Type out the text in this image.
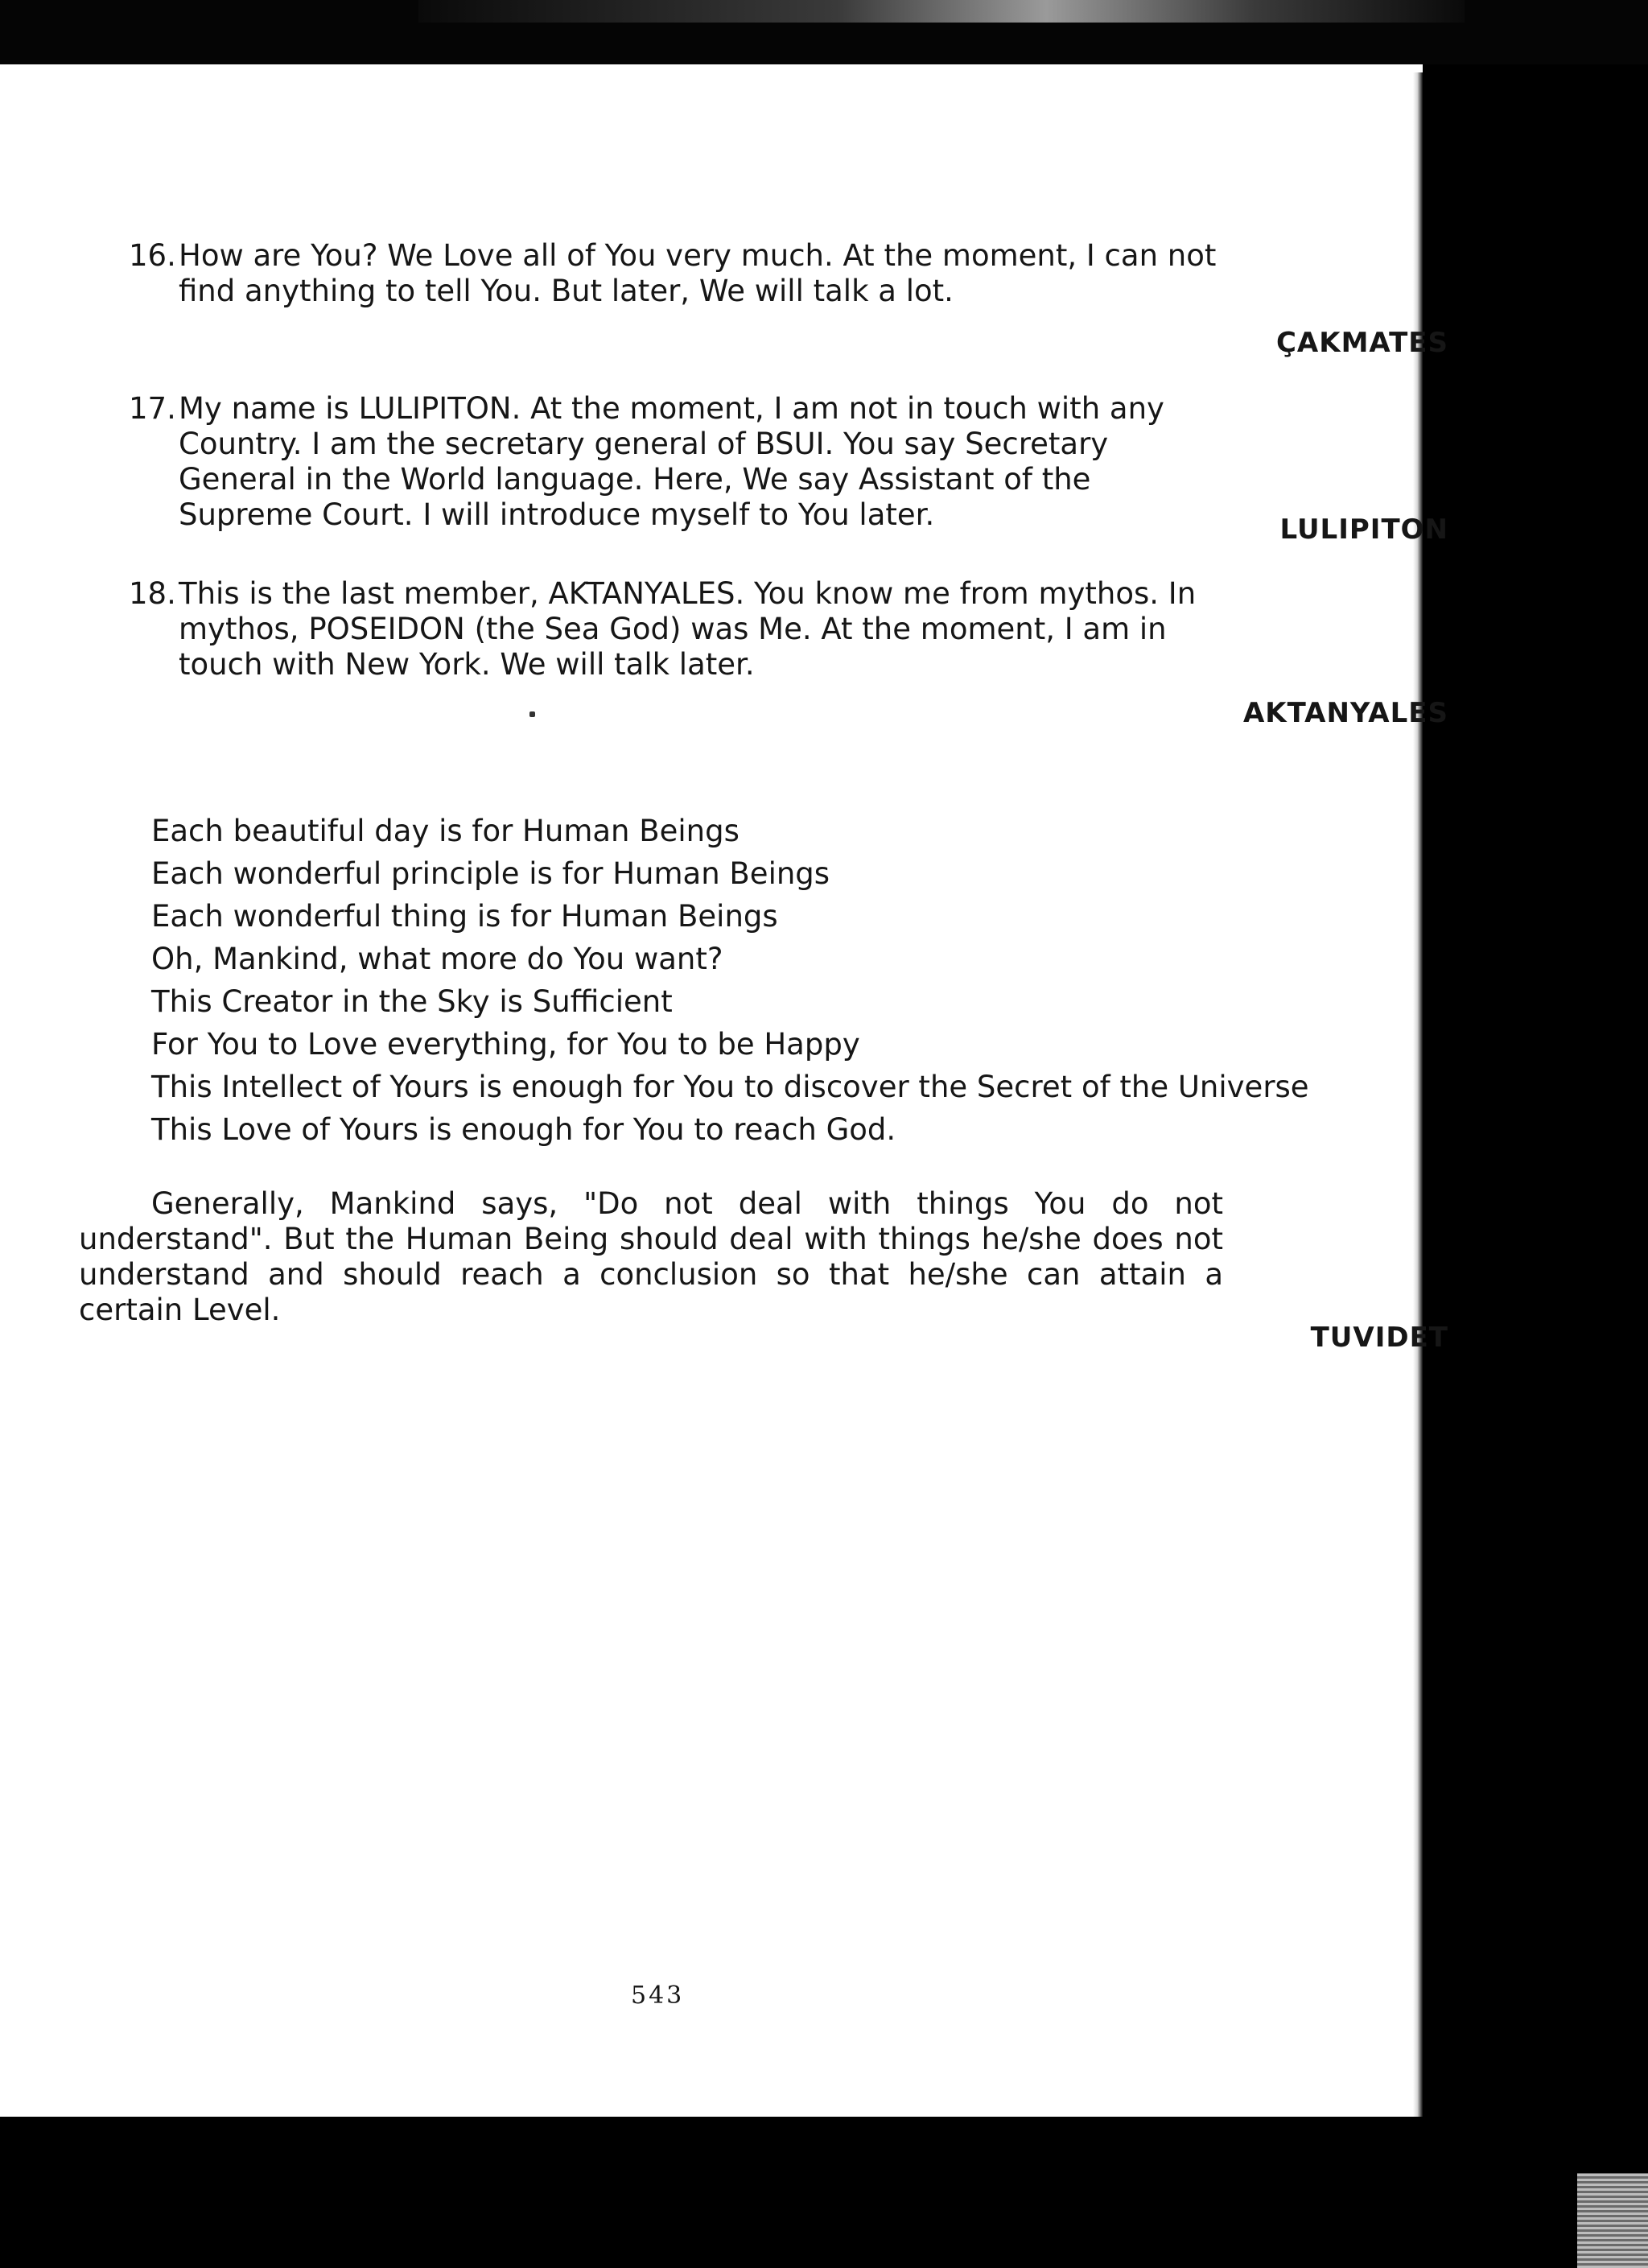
16. How are You? We Love all of You very much. At the moment, I can not find anything to tell You. But later, We will talk a lot.
ÇAKMATES
17. My name is LULIPITON. At the moment, I am not in touch with any Country. I am the secretary general of BSUI. You say Secretary General in the World language. Here, We say Assistant of the Supreme Court. I will introduce myself to You later.	LULIPITON
18. This is the last member, AKTANYALES. You know me from mythos. In mythos, POSEIDON (the Sea God) was Me. At the moment, I am in touch with New York. We will talk later.
AKTANYALES
Each beautiful day is for Human Beings
Each wonderful principle is for Human Beings
Each wonderful thing is for Human Beings
Oh, Mankind, what more do You want?
This Creator in the Sky is Sufficient
For You to Love everything, for You to be Happy
This Intellect of Yours is enough for You to discover the Secret of the Universe
This Love of Yours is enough for You to reach God.
Generally, Mankind says, "Do not deal with things You do not understand". But the Human Being should deal with things he/she does not understand and should reach a conclusion so that he/she can attain a certain Level.
TUVIDET
543
